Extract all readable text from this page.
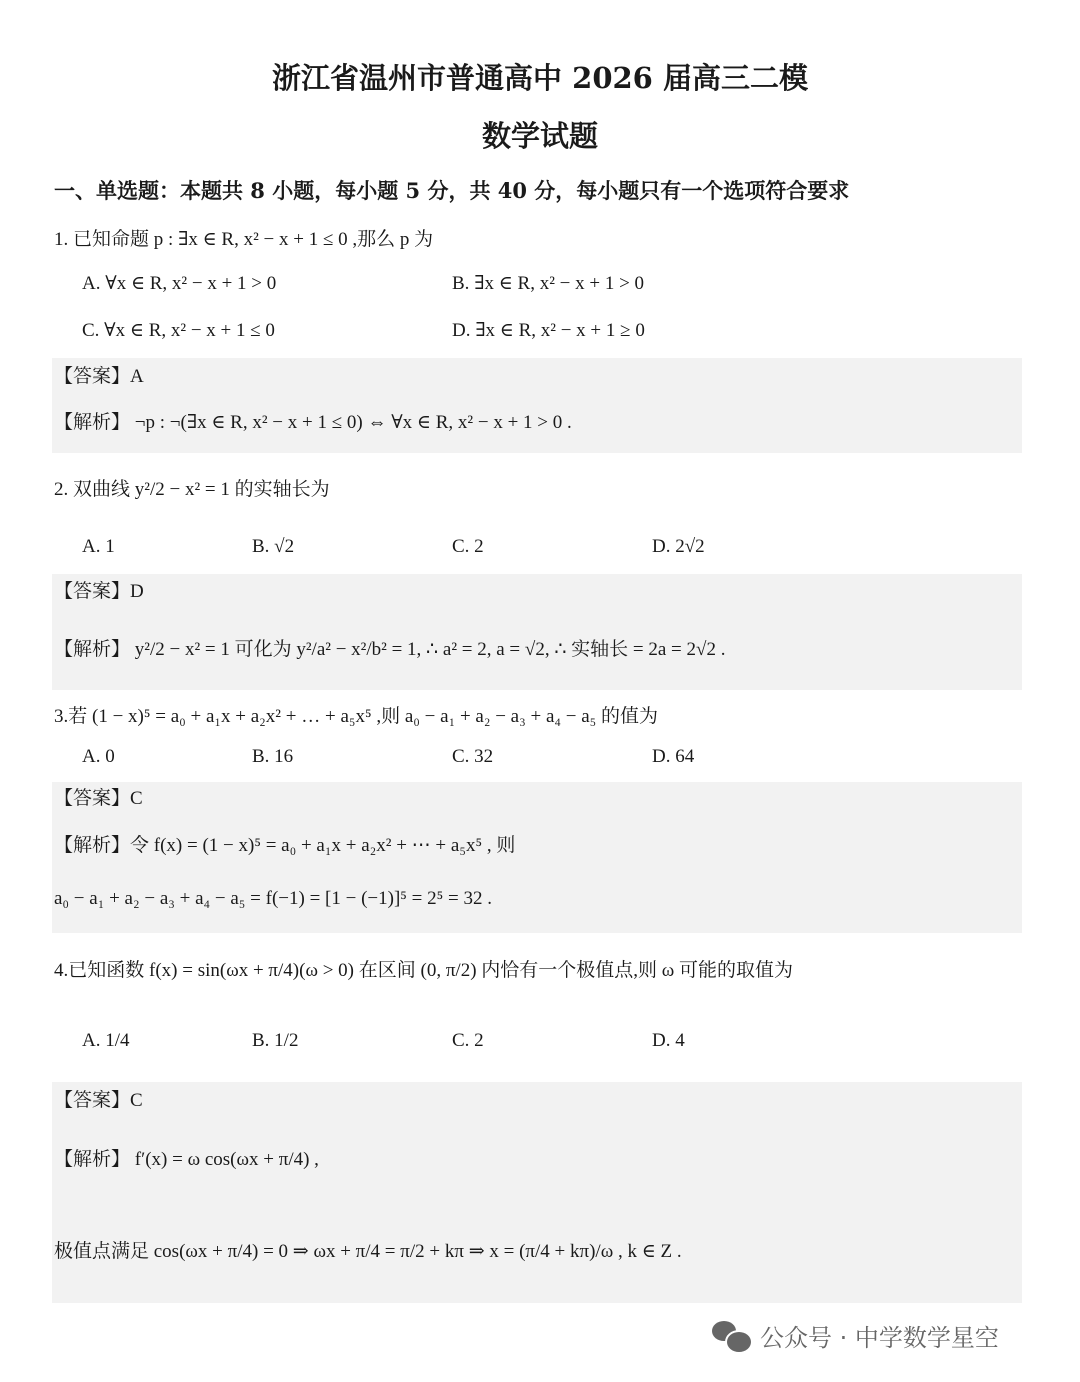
浙江省温州市普通高中 2026 届高三二模
数学试题
一、单选题：本题共 8 小题，每小题 5 分，共 40 分，每小题只有一个选项符合要求
1. 已知命题 p : ∃x ∈ R, x² − x + 1 ≤ 0 ,那么 p 为
A. ∀x ∈ R, x² − x + 1 > 0	B. ∃x ∈ R, x² − x + 1 > 0
C. ∀x ∈ R, x² − x + 1 ≤ 0	D. ∃x ∈ R, x² − x + 1 ≥ 0
【答案】A
【解析】 ¬p : ¬(∃x ∈ R, x² − x + 1 ≤ 0) ⇔ ∀x ∈ R, x² − x + 1 > 0 .
2. 双曲线 y²/2 − x² = 1 的实轴长为
A. 1	B. √2	C. 2	D. 2√2
【答案】D
【解析】 y²/2 − x² = 1 可化为 y²/a² − x²/b² = 1, ∴ a² = 2, a = √2, ∴ 实轴长 = 2a = 2√2 .
3.若 (1 − x)⁵ = a₀ + a₁x + a₂x² + … + a₅x⁵ ,则 a₀ − a₁ + a₂ − a₃ + a₄ − a₅ 的值为
A. 0	B. 16	C. 32	D. 64
【答案】C
【解析】令 f(x) = (1 − x)⁵ = a₀ + a₁x + a₂x² + ⋯ + a₅x⁵ , 则
a₀ − a₁ + a₂ − a₃ + a₄ − a₅ = f(−1) = [1 − (−1)]⁵ = 2⁵ = 32 .
4.已知函数 f(x) = sin(ωx + π/4)(ω > 0) 在区间 (0, π/2) 内恰有一个极值点,则 ω 可能的取值为
A. 1/4	B. 1/2	C. 2	D. 4
【答案】C
【解析】 f′(x) = ω cos(ωx + π/4) ,
极值点满足 cos(ωx + π/4) = 0 ⇒ ωx + π/4 = π/2 + kπ ⇒ x = (π/4 + kπ)/ω , k ∈ Z .
公众号 · 中学数学星空
